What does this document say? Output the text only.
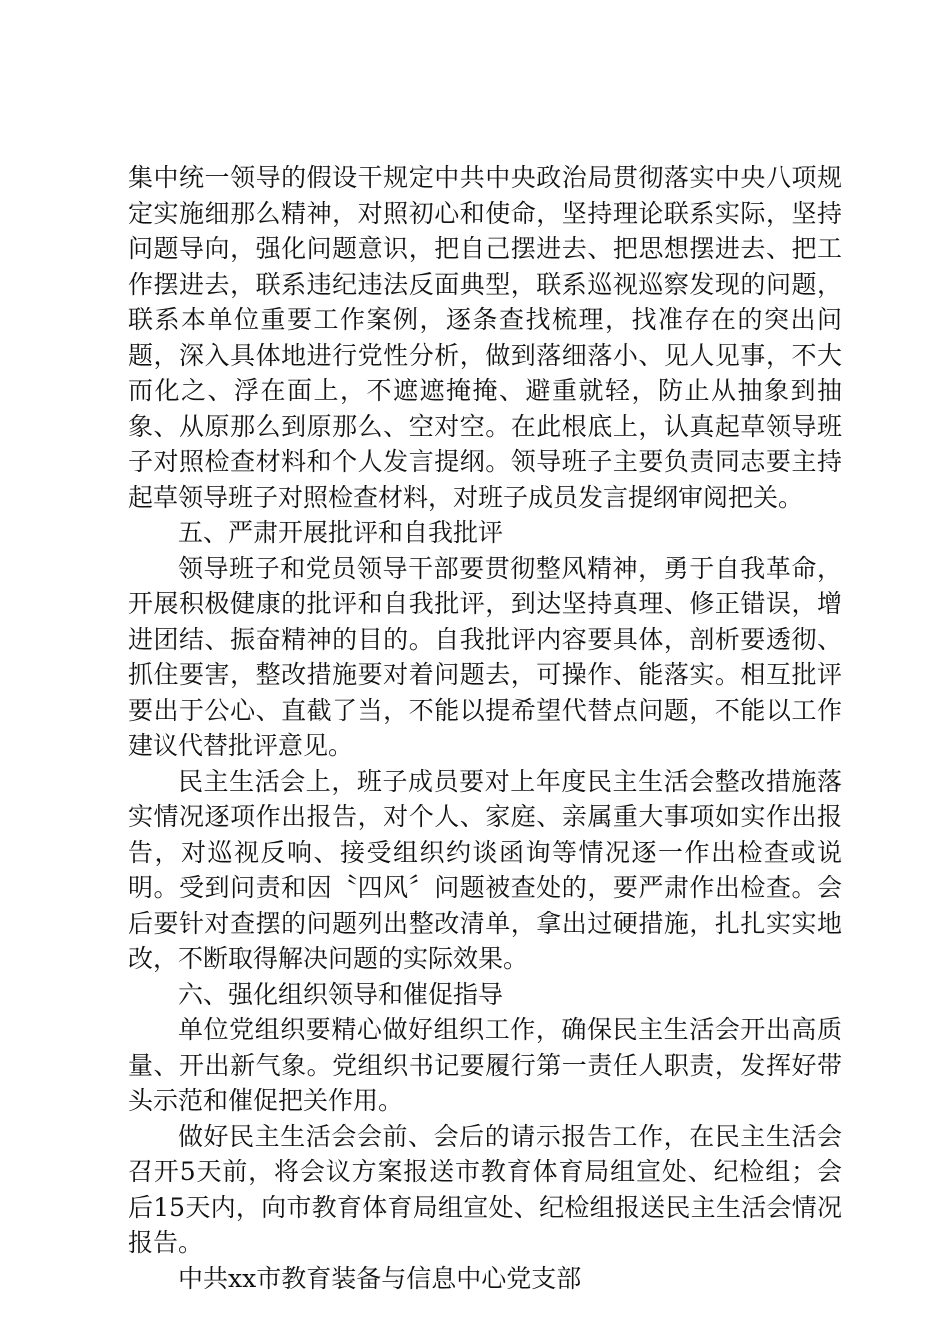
集中统一领导的假设干规定中共中央政治局贯彻落实中央八项规定实施细那么精神，对照初心和使命，坚持理论联系实际，坚持问题导向，强化问题意识，把自己摆进去、把思想摆进去、把工作摆进去，联系违纪违法反面典型，联系巡视巡察发现的问题，联系本单位重要工作案例，逐条查找梳理，找准存在的突出问题，深入具体地进行党性分析，做到落细落小、见人见事，不大而化之、浮在面上，不遮遮掩掩、避重就轻，防止从抽象到抽象、从原那么到原那么、空对空。在此根底上，认真起草领导班子对照检查材料和个人发言提纲。领导班子主要负责同志要主持起草领导班子对照检查材料，对班子成员发言提纲审阅把关。

五、严肃开展批评和自我批评

领导班子和党员领导干部要贯彻整风精神，勇于自我革命，开展积极健康的批评和自我批评，到达坚持真理、修正错误，增进团结、振奋精神的目的。自我批评内容要具体，剖析要透彻、抓住要害，整改措施要对着问题去，可操作、能落实。相互批评要出于公心、直截了当，不能以提希望代替点问题，不能以工作建议代替批评意见。

民主生活会上，班子成员要对上年度民主生活会整改措施落实情况逐项作出报告，对个人、家庭、亲属重大事项如实作出报告，对巡视反响、接受组织约谈函询等情况逐一作出检查或说明。受到问责和因〝四风〞问题被查处的，要严肃作出检查。会后要针对查摆的问题列出整改清单，拿出过硬措施，扎扎实实地改，不断取得解决问题的实际效果。

六、强化组织领导和催促指导

单位党组织要精心做好组织工作，确保民主生活会开出高质量、开出新气象。党组织书记要履行第一责任人职责，发挥好带头示范和催促把关作用。

做好民主生活会会前、会后的请示报告工作，在民主生活会召开5天前，将会议方案报送市教育体育局组宣处、纪检组；会后15天内，向市教育体育局组宣处、纪检组报送民主生活会情况报告。

中共xx市教育装备与信息中心党支部
